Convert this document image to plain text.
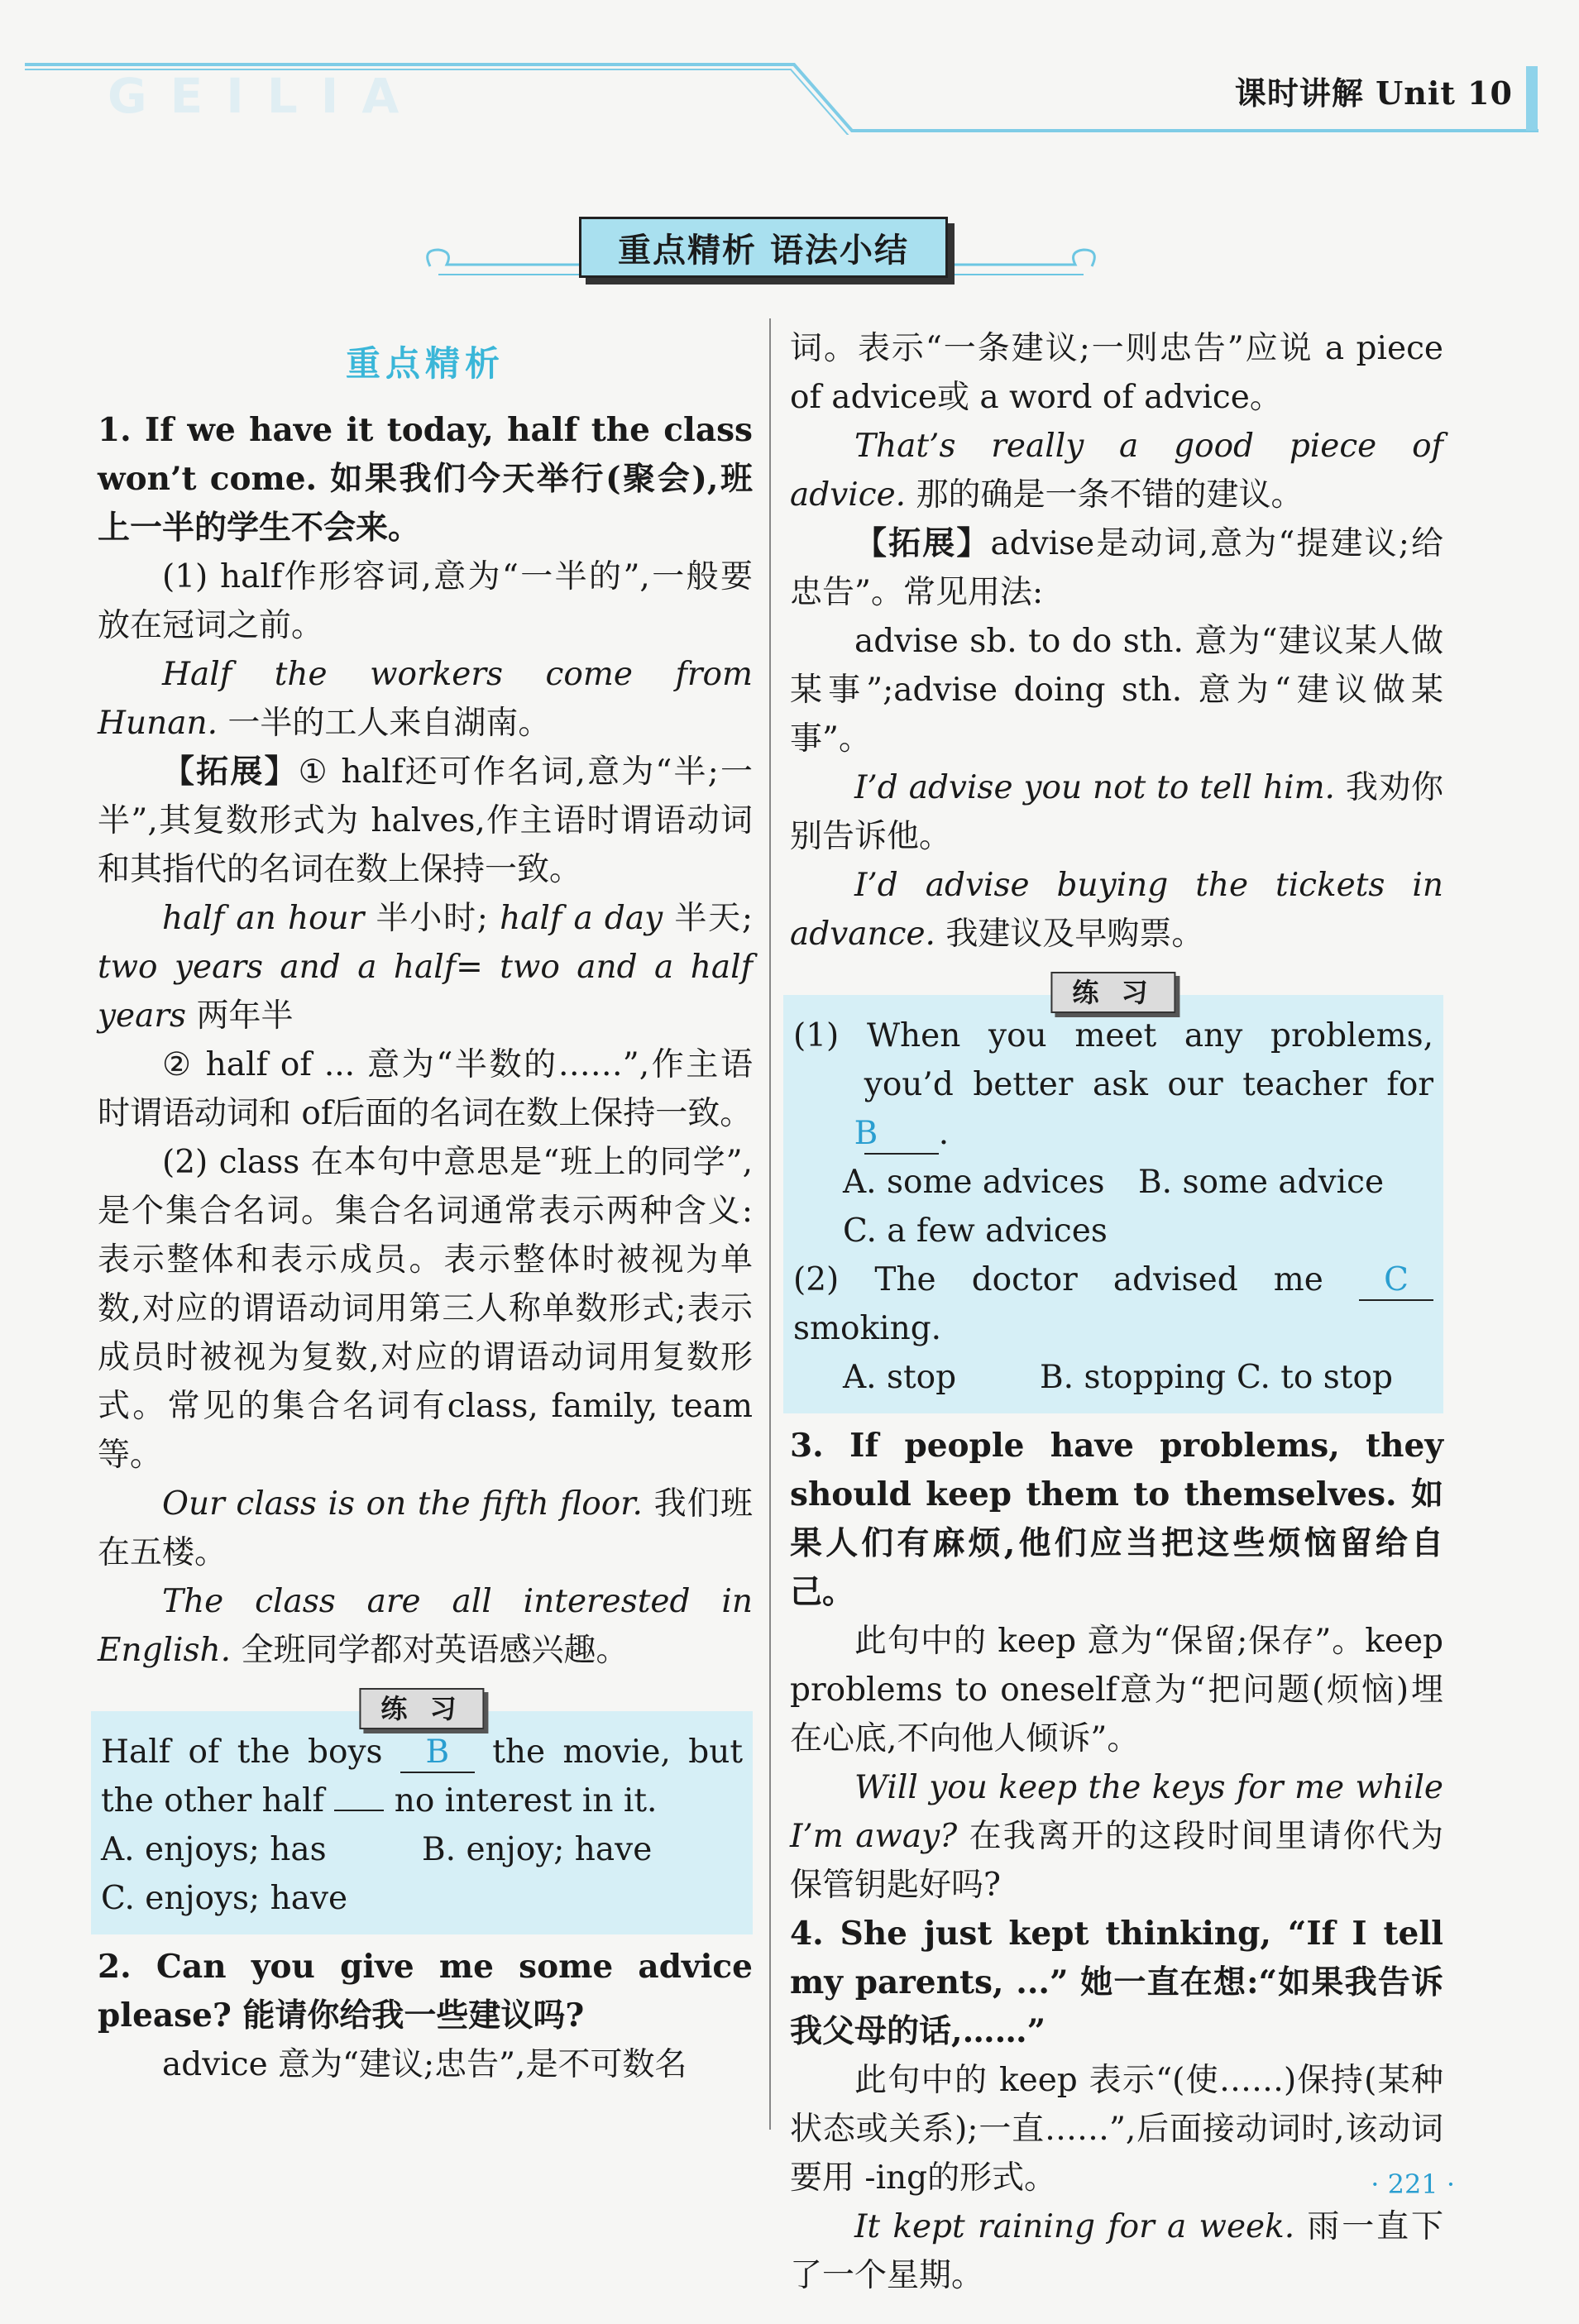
GEILIA	课时讲解 Unit 10
重点精析 语法小结
重点精析

1. If we have it today, half the class won’t come. 如果我们今天举行(聚会),班上一半的学生不会来。

(1) half作形容词,意为“一半的”,一般要放在冠词之前。

Half the workers come from Hunan. 一半的工人来自湖南。

【拓展】① half还可作名词,意为“半;一半”,其复数形式为 halves,作主语时谓语动词和其指代的名词在数上保持一致。

half an hour 半小时; half a day 半天; two years and a half= two and a half years 两年半

② half of ... 意为“半数的……”,作主语时谓语动词和 of后面的名词在数上保持一致。

(2) class 在本句中意思是“班上的同学”,是个集合名词。集合名词通常表示两种含义:表示整体和表示成员。表示整体时被视为单数,对应的谓语动词用第三人称单数形式;表示成员时被视为复数,对应的谓语动词用复数形式。常见的集合名词有class, family, team等。

Our class is on the fifth floor. 我们班在五楼。

The class are all interested in English. 全班同学都对英语感兴趣。

练 习

Half of the boys B the movie, but the other half no interest in it.

A. enjoys; has	B. enjoy; have

C. enjoys; have

2. Can you give me some advice please? 能请你给我一些建议吗?

advice 意为“建议;忠告”,是不可数名

词。表示“一条建议;一则忠告”应说 a piece of advice或 a word of advice。

That’s really a good piece of advice. 那的确是一条不错的建议。

【拓展】advise是动词,意为“提建议;给忠告”。常见用法:

advise sb. to do sth. 意为“建议某人做某事”;advise doing sth. 意为“建议做某事”。

I’d advise you not to tell him. 我劝你别告诉他。

I’d advise buying the tickets in advance. 我建议及早购票。

练 习

(1) When you meet any problems, you’d better ask our teacher for B .

A. some advices	B. some advice

C. a few advices

(2) The doctor advised me C smoking.

A. stop	B. stopping C. to stop

3. If people have problems, they should keep them to themselves. 如果人们有麻烦,他们应当把这些烦恼留给自己。

此句中的 keep 意为“保留;保存”。keep problems to oneself意为“把问题(烦恼)埋在心底,不向他人倾诉”。

Will you keep the keys for me while I’m away? 在我离开的这段时间里请你代为保管钥匙好吗?

4. She just kept thinking, “If I tell my parents, ...” 她一直在想:“如果我告诉我父母的话,……”

此句中的 keep 表示“(使……)保持(某种状态或关系);一直……”,后面接动词时,该动词要用 -ing的形式。

It kept raining for a week. 雨一直下了一个星期。

· 221 ·
